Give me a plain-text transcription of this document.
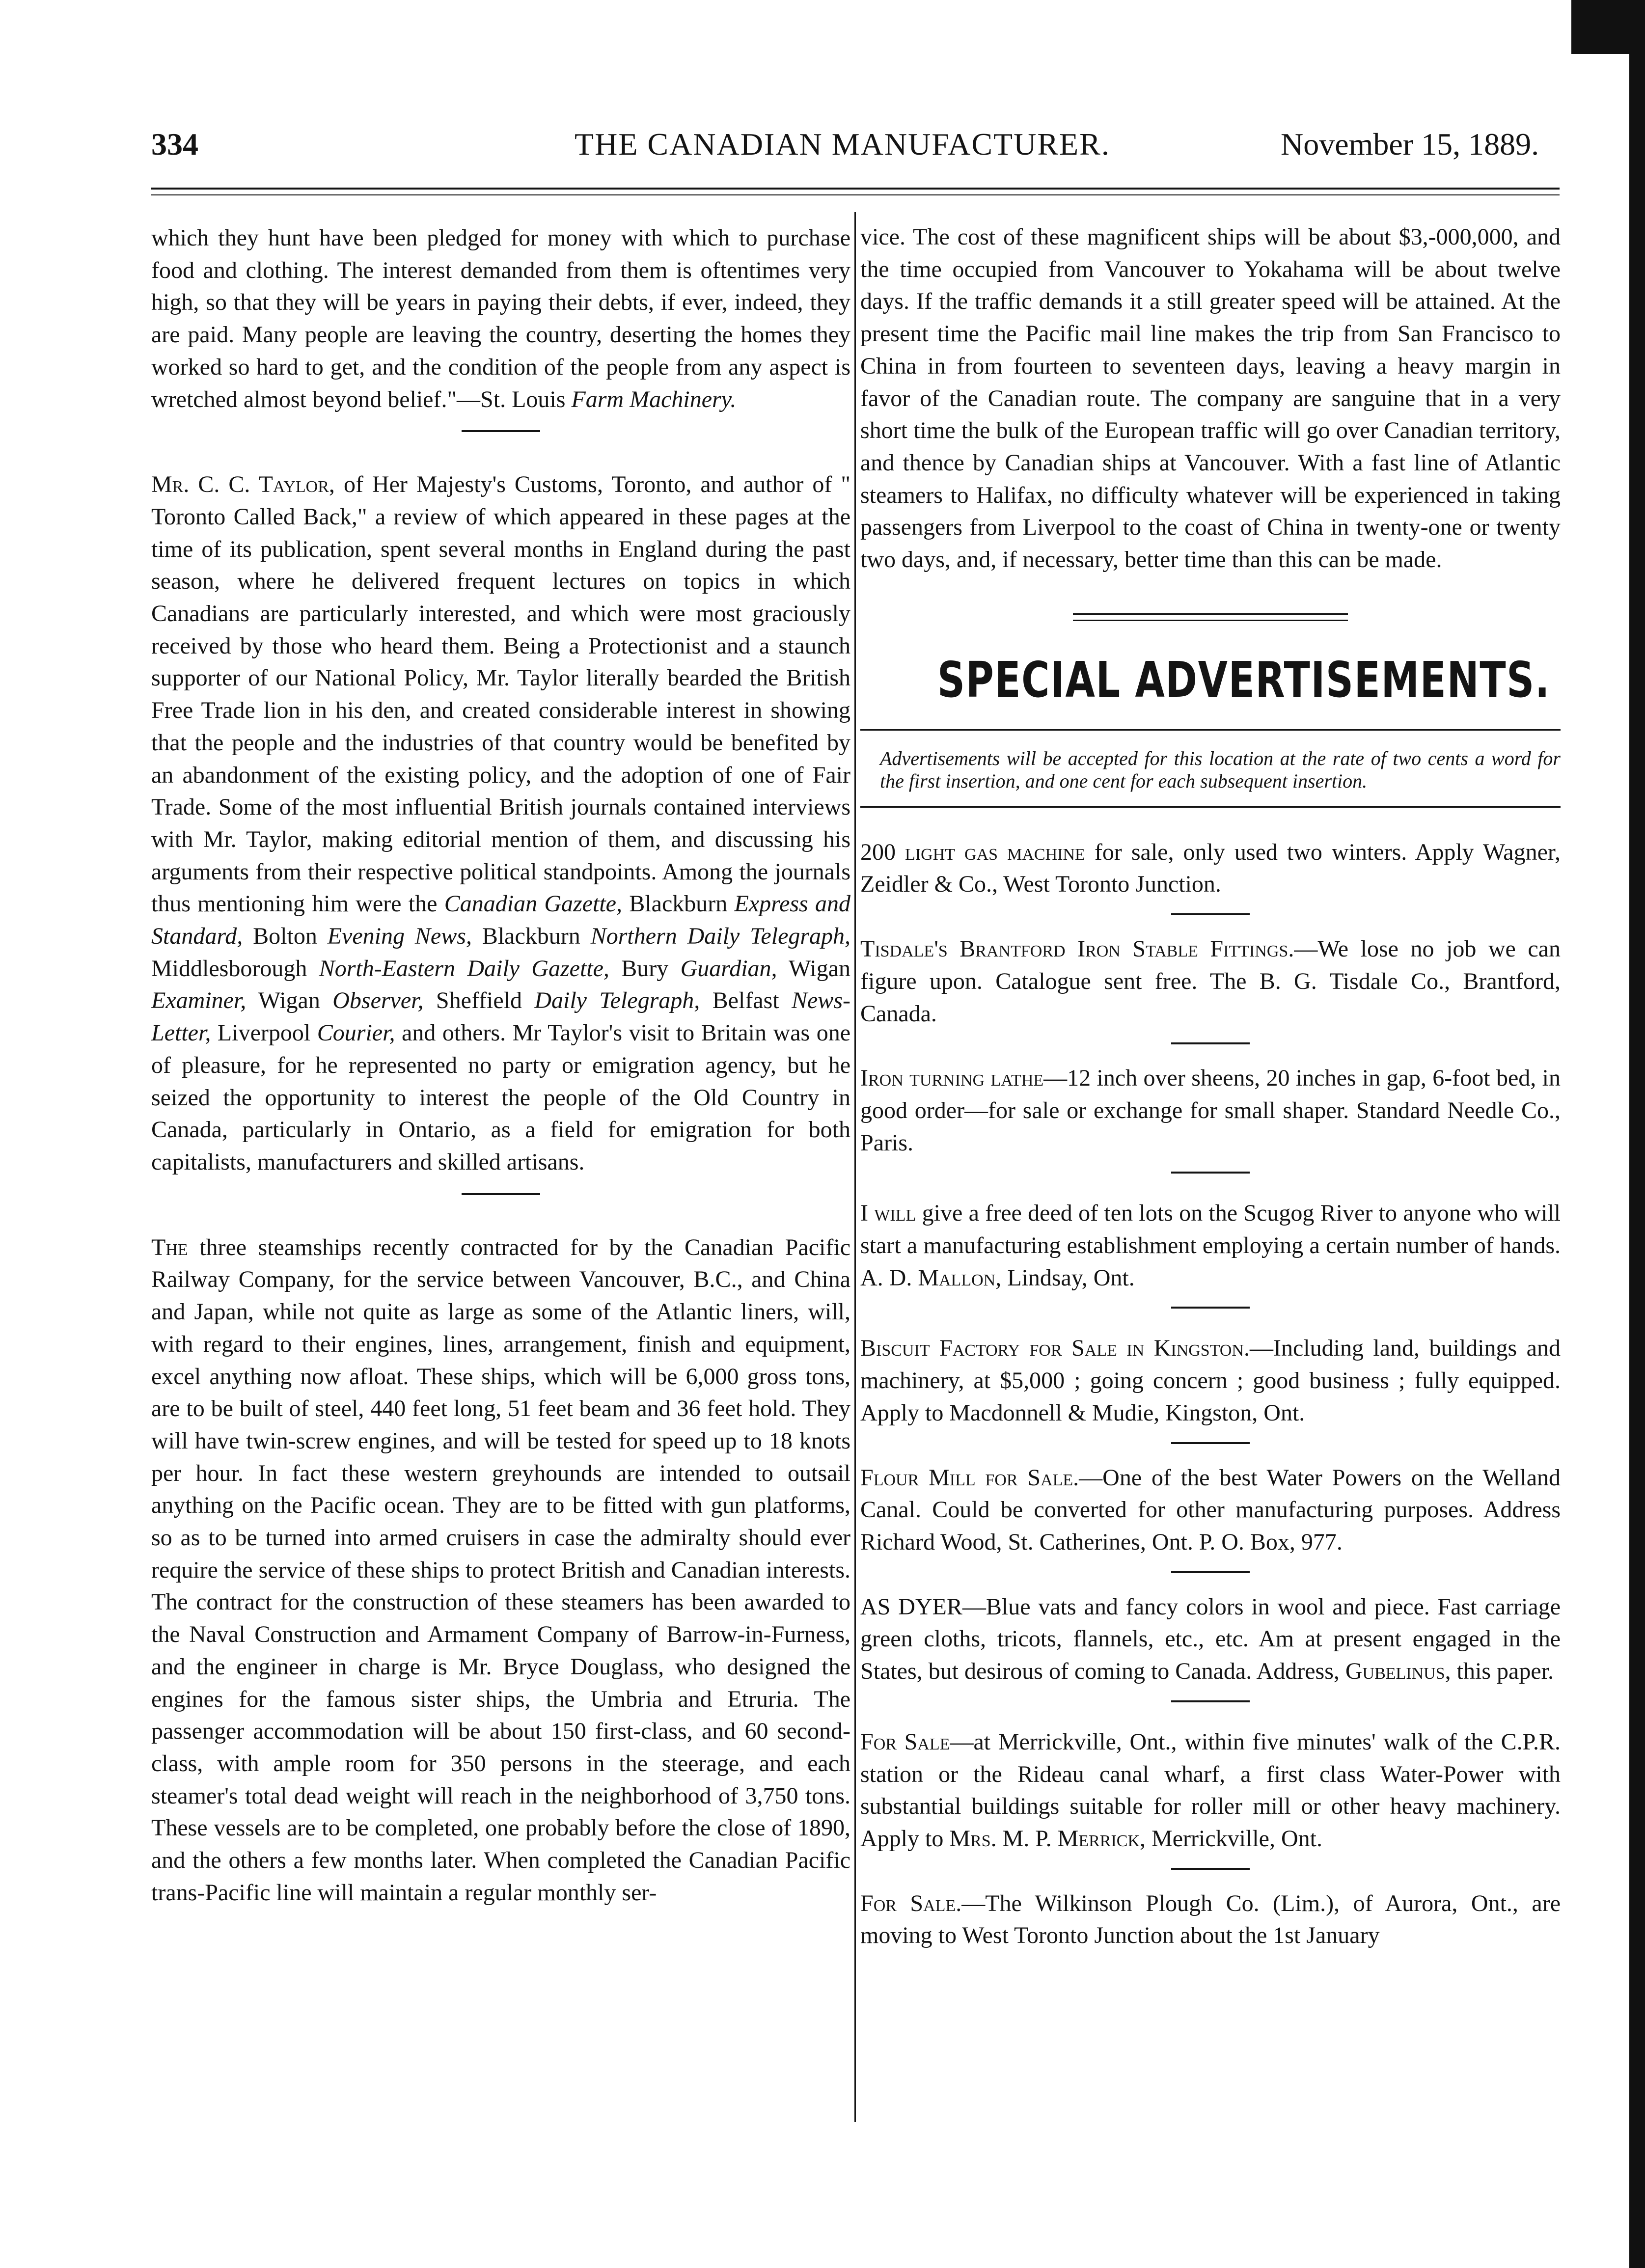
334	THE CANADIAN MANUFACTURER.	November 15, 1889.

which they hunt have been pledged for money with which to purchase food and clothing. The interest demanded from them is oftentimes very high, so that they will be years in paying their debts, if ever, indeed, they are paid. Many people are leaving the country, deserting the homes they worked so hard to get, and the condition of the people from any aspect is wretched almost beyond belief."—St. Louis Farm Machinery.

Mr. C. C. Taylor, of Her Majesty's Customs, Toronto, and author of " Toronto Called Back," a review of which appeared in these pages at the time of its publication, spent several months in England during the past season, where he delivered frequent lectures on topics in which Canadians are particularly interested, and which were most graciously received by those who heard them. Being a Protectionist and a staunch supporter of our National Policy, Mr. Taylor literally bearded the British Free Trade lion in his den, and created considerable interest in showing that the people and the industries of that country would be benefited by an abandonment of the existing policy, and the adoption of one of Fair Trade. Some of the most influential British journals contained interviews with Mr. Taylor, making editorial mention of them, and discussing his arguments from their respective political standpoints. Among the journals thus mentioning him were the Canadian Gazette, Blackburn Express and Standard, Bolton Evening News, Blackburn Northern Daily Telegraph, Middlesborough North-Eastern Daily Gazette, Bury Guardian, Wigan Examiner, Wigan Observer, Sheffield Daily Telegraph, Belfast News-Letter, Liverpool Courier, and others. Mr Taylor's visit to Britain was one of pleasure, for he represented no party or emigration agency, but he seized the opportunity to interest the people of the Old Country in Canada, particularly in Ontario, as a field for emigration for both capitalists, manufacturers and skilled artisans.

The three steamships recently contracted for by the Canadian Pacific Railway Company, for the service between Vancouver, B.C., and China and Japan, while not quite as large as some of the Atlantic liners, will, with regard to their engines, lines, arrangement, finish and equipment, excel anything now afloat. These ships, which will be 6,000 gross tons, are to be built of steel, 440 feet long, 51 feet beam and 36 feet hold. They will have twin-screw engines, and will be tested for speed up to 18 knots per hour. In fact these western greyhounds are intended to outsail anything on the Pacific ocean. They are to be fitted with gun platforms, so as to be turned into armed cruisers in case the admiralty should ever require the service of these ships to protect British and Canadian interests. The contract for the construction of these steamers has been awarded to the Naval Construction and Armament Company of Barrow-in-Furness, and the engineer in charge is Mr. Bryce Douglass, who designed the engines for the famous sister ships, the Umbria and Etruria. The passenger accommodation will be about 150 first-class, and 60 second-class, with ample room for 350 persons in the steerage, and each steamer's total dead weight will reach in the neighborhood of 3,750 tons. These vessels are to be completed, one probably before the close of 1890, and the others a few months later. When completed the Canadian Pacific trans-Pacific line will maintain a regular monthly ser-

vice. The cost of these magnificent ships will be about $3,-000,000, and the time occupied from Vancouver to Yokahama will be about twelve days. If the traffic demands it a still greater speed will be attained. At the present time the Pacific mail line makes the trip from San Francisco to China in from fourteen to seventeen days, leaving a heavy margin in favor of the Canadian route. The company are sanguine that in a very short time the bulk of the European traffic will go over Canadian territory, and thence by Canadian ships at Vancouver. With a fast line of Atlantic steamers to Halifax, no difficulty whatever will be experienced in taking passengers from Liverpool to the coast of China in twenty-one or twenty two days, and, if necessary, better time than this can be made.

SPECIAL ADVERTISEMENTS.
Advertisements will be accepted for this location at the rate of two cents a word for the first insertion, and one cent for each subsequent insertion.

200 light gas machine for sale, only used two winters. Apply Wagner, Zeidler & Co., West Toronto Junction.

Tisdale's Brantford Iron Stable Fittings.—We lose no job we can figure upon. Catalogue sent free. The B. G. Tisdale Co., Brantford, Canada.

Iron turning lathe—12 inch over sheens, 20 inches in gap, 6-foot bed, in good order—for sale or exchange for small shaper. Standard Needle Co., Paris.

I will give a free deed of ten lots on the Scugog River to anyone who will start a manufacturing establishment employing a certain number of hands. A. D. Mallon, Lindsay, Ont.

Biscuit Factory for Sale in Kingston.—Including land, buildings and machinery, at $5,000 ; going concern ; good business ; fully equipped. Apply to Macdonnell & Mudie, Kingston, Ont.

Flour Mill for Sale.—One of the best Water Powers on the Welland Canal. Could be converted for other manufacturing purposes. Address Richard Wood, St. Catherines, Ont. P. O. Box, 977.

AS DYER—Blue vats and fancy colors in wool and piece. Fast carriage green cloths, tricots, flannels, etc., etc. Am at present engaged in the States, but desirous of coming to Canada. Address, Gubelinus, this paper.

For Sale—at Merrickville, Ont., within five minutes' walk of the C.P.R. station or the Rideau canal wharf, a first class Water-Power with substantial buildings suitable for roller mill or other heavy machinery. Apply to Mrs. M. P. Merrick, Merrickville, Ont.

For Sale.—The Wilkinson Plough Co. (Lim.), of Aurora, Ont., are moving to West Toronto Junction about the 1st January
